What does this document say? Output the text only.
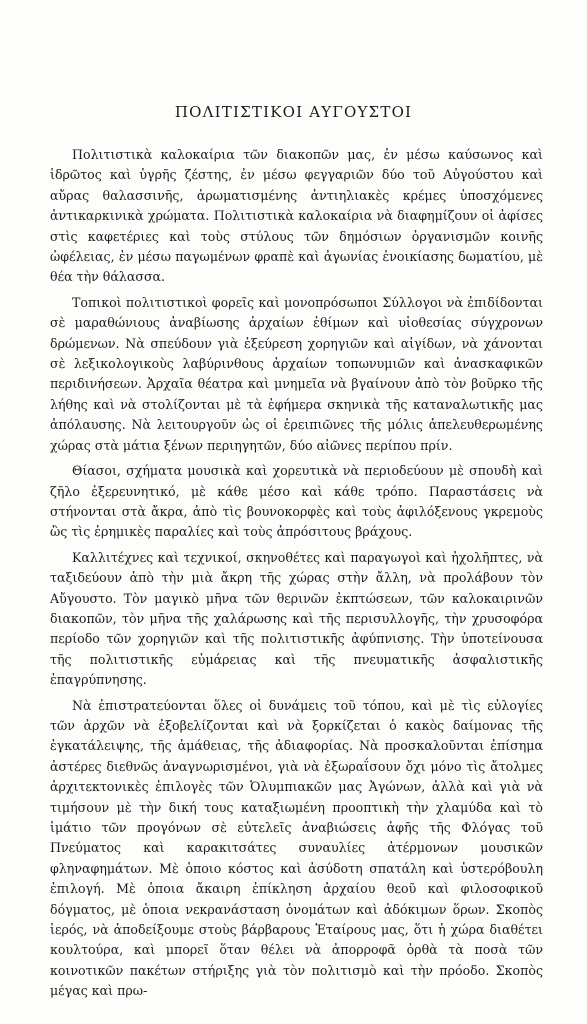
ΠΟΛΙΤΙΣΤΙΚΟΙ ΑΥΓΟΥΣΤΟΙ

Πολιτιστικὰ καλοκαίρια τῶν διακοπῶν μας, ἐν μέσω καύσωνος καὶ ἱδρῶτος καὶ ὑγρῆς ζέστης, ἐν μέσω φεγγαριῶν δύο τοῦ Αὐγούστου καὶ αὔρας θαλασσινῆς, ἀρωματισμένης ἀντιηλιακὲς κρέμες ὑποσχόμενες ἀντικαρκινικὰ χρώματα. Πολιτιστικὰ καλοκαίρια νὰ διαφημίζουν οἱ ἀφίσες στὶς καφετέριες καὶ τοὺς στύλους τῶν δημόσιων ὀργανισμῶν κοινῆς ὠφέλειας, ἐν μέσω παγωμένων φραπὲ καὶ ἀγωνίας ἐνοικίασης δωματίου, μὲ θέα τὴν θάλασσα.

Τοπικοὶ πολιτιστικοὶ φορεῖς καὶ μονοπρόσωποι Σύλλογοι νὰ ἐπιδίδονται σὲ μαραθώνιους ἀναβίωσης ἀρχαίων ἐθίμων καὶ υἱοθεσίας σύγχρονων δρώμενων. Νὰ σπεύδουν γιὰ ἐξεύρεση χορηγιῶν καὶ αἰγίδων, νὰ χάνονται σὲ λεξικολογικοὺς λαβύρινθους ἀρχαίων τοπωνυμιῶν καὶ ἀνασκαφικῶν περιδινήσεων. Ἀρχαῖα θέατρα καὶ μνημεῖα νὰ βγαίνουν ἀπὸ τὸν βοῦρκο τῆς λήθης καὶ νὰ στολίζονται μὲ τὰ ἐφήμερα σκηνικὰ τῆς καταναλωτικῆς μας ἀπόλαυσης. Νὰ λειτουργοῦν ὡς οἱ ἐρειπιῶνες τῆς μόλις ἀπελευθερωμένης χώρας στὰ μάτια ξένων περιηγητῶν, δύο αἰῶνες περίπου πρίν.

Θίασοι, σχήματα μουσικὰ καὶ χορευτικὰ νὰ περιοδεύουν μὲ σπουδὴ καὶ ζῆλο ἐξερευνητικό, μὲ κάθε μέσο καὶ κάθε τρόπο. Παραστάσεις νὰ στήνονται στὰ ἄκρα, ἀπὸ τὶς βουνοκορφὲς καὶ τοὺς ἀφιλόξενους γκρεμοὺς ὣς τὶς ἐρημικὲς παραλίες καὶ τοὺς ἀπρόσιτους βράχους.

Καλλιτέχνες καὶ τεχνικοί, σκηνοθέτες καὶ παραγωγοὶ καὶ ἠχολῆπτες, νὰ ταξιδεύουν ἀπὸ τὴν μιὰ ἄκρη τῆς χώρας στὴν ἄλλη, νὰ προλάβουν τὸν Αὔγουστο. Τὸν μαγικὸ μῆνα τῶν θερινῶν ἐκπτώσεων, τῶν καλοκαιρινῶν διακοπῶν, τὸν μῆνα τῆς χαλάρωσης καὶ τῆς περισυλλογῆς, τὴν χρυσοφόρα περίοδο τῶν χορηγιῶν καὶ τῆς πολιτιστικῆς ἀφύπνισης. Τὴν ὑποτείνουσα τῆς πολιτιστικῆς εὐμάρειας καὶ τῆς πνευματικῆς ἀσφαλιστικῆς ἐπαγρύπνησης.

Νὰ ἐπιστρατεύονται ὅλες οἱ δυνάμεις τοῦ τόπου, καὶ μὲ τὶς εὐλογίες τῶν ἀρχῶν νὰ ἐξοβελίζονται καὶ νὰ ξορκίζεται ὁ κακὸς δαίμονας τῆς ἐγκατάλειψης, τῆς ἀμάθειας, τῆς ἀδιαφορίας. Νὰ προσκαλοῦνται ἐπίσημα ἀστέρες διεθνῶς ἀναγνωρισμένοι, γιὰ νὰ ἐξωραΐσουν ὄχι μόνο τὶς ἄτολμες ἀρχιτεκτονικὲς ἐπιλογὲς τῶν Ὀλυμπιακῶν μας Ἀγώνων, ἀλλὰ καὶ γιὰ νὰ τιμήσουν μὲ τὴν δική τους καταξιωμένη προοπτικὴ τὴν χλαμύδα καὶ τὸ ἱμάτιο τῶν προγόνων σὲ εὐτελεῖς ἀναβιώσεις ἀφῆς τῆς Φλόγας τοῦ Πνεύματος καὶ καρακιτσάτες συναυλίες ἀτέρμονων μουσικῶν φληναφημάτων. Μὲ ὁποιο κόστος καὶ ἀσύδοτη σπατάλη καὶ ὑστερόβουλη ἐπιλογή. Μὲ ὁποια ἄκαιρη ἐπίκληση ἀρχαίου θεοῦ καὶ φιλοσοφικοῦ δόγματος, μὲ ὁποια νεκρανάσταση ὀνομάτων καὶ ἀδόκιμων ὅρων. Σκοπὸς ἱερός, νὰ ἀποδείξουμε στοὺς βάρβαρους Ἑταίρους μας, ὅτι ἡ χώρα διαθέτει κουλτούρα, καὶ μπορεῖ ὅταν θέλει νὰ ἀπορροφᾶ ὀρθὰ τὰ ποσὰ τῶν κοινοτικῶν πακέτων στήριξης γιὰ τὸν πολιτισμὸ καὶ τὴν πρόοδο. Σκοπὸς μέγας καὶ πρω-
